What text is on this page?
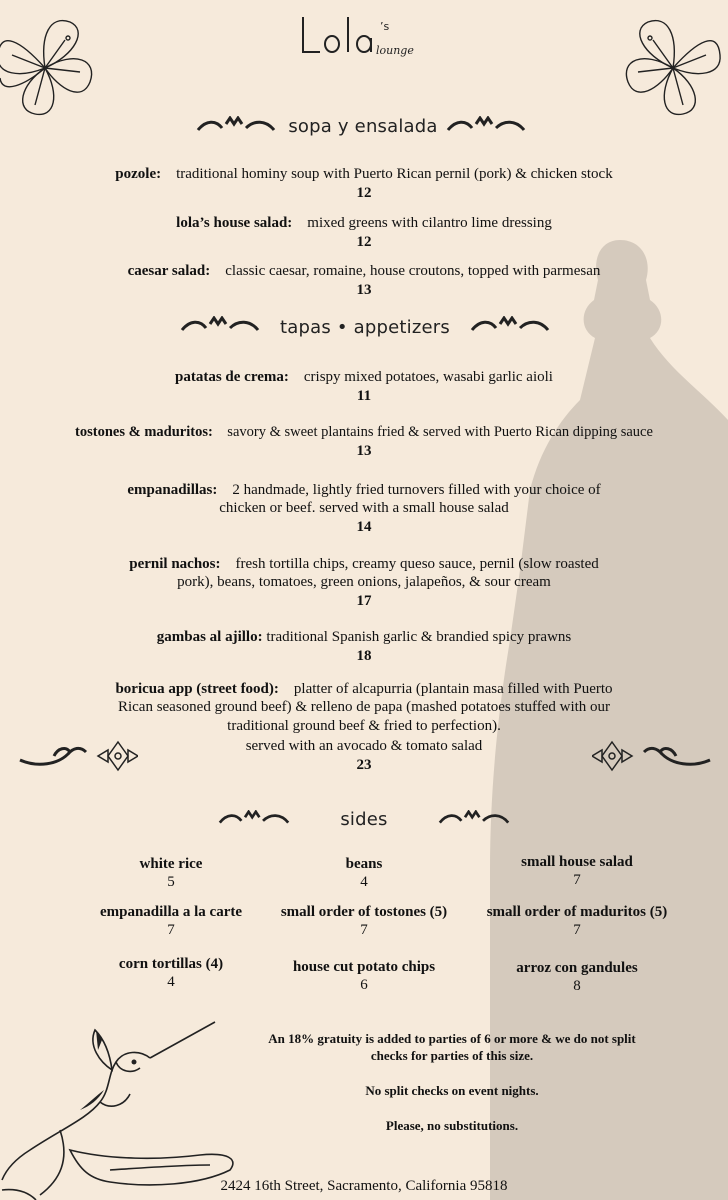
’s
lounge
sopa y ensalada
pozole: traditional hominy soup with Puerto Rican pernil (pork) & chicken stock
12
lola’s house salad: mixed greens with cilantro lime dressing
12
caesar salad: classic caesar, romaine, house croutons, topped with parmesan
13
tapas • appetizers
patatas de crema: crispy mixed potatoes, wasabi garlic aioli
11
tostones & maduritos: savory & sweet plantains fried & served with Puerto Rican dipping sauce
13
empanadillas: 2 handmade, lightly fried turnovers filled with your choice of
chicken or beef. served with a small house salad
14
pernil nachos: fresh tortilla chips, creamy queso sauce, pernil (slow roasted
pork), beans, tomatoes, green onions, jalapeños, & sour cream
17
gambas al ajillo: traditional Spanish garlic & brandied spicy prawns
18
boricua app (street food): platter of alcapurria (plantain masa filled with Puerto
Rican seasoned ground beef) & relleno de papa (mashed potatoes stuffed with our
traditional ground beef & fried to perfection).
served with an avocado & tomato salad
23
sides
white rice
5
beans
4
small house salad
7
empanadilla a la carte
7
small order of tostones (5)
7
small order of maduritos (5)
7
corn tortillas (4)
4
house cut potato chips
6
arroz con gandules
8
An 18% gratuity is added to parties of 6 or more & we do not split
checks for parties of this size.
No split checks on event nights.
Please, no substitutions.
2424 16th Street, Sacramento, California 95818
